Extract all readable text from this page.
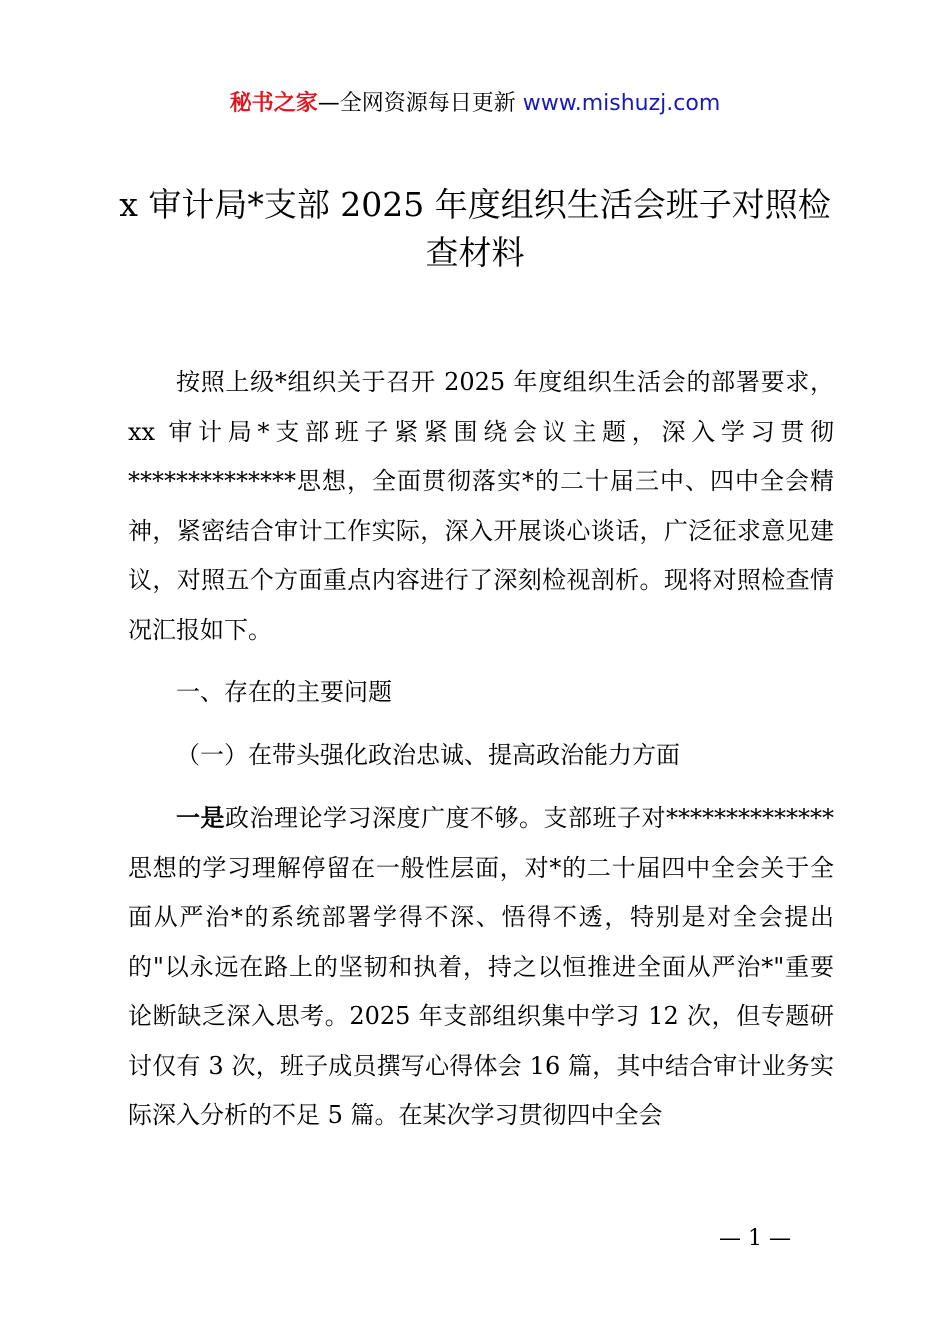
秘书之家—全网资源每日更新 www.mishuzj.com
x 审计局*支部 2025 年度组织生活会班子对照检查材料

按照上级*组织关于召开 2025 年度组织生活会的部署要求，xx 审计局*支部班子紧紧围绕会议主题，深入学习贯彻**************思想，全面贯彻落实*的二十届三中、四中全会精神，紧密结合审计工作实际，深入开展谈心谈话，广泛征求意见建议，对照五个方面重点内容进行了深刻检视剖析。现将对照检查情况汇报如下。

一、存在的主要问题

（一）在带头强化政治忠诚、提高政治能力方面

一是政治理论学习深度广度不够。支部班子对**************思想的学习理解停留在一般性层面，对*的二十届四中全会关于全面从严治*的系统部署学得不深、悟得不透，特别是对全会提出的"以永远在路上的坚韧和执着，持之以恒推进全面从严治*"重要论断缺乏深入思考。2025 年支部组织集中学习 12 次，但专题研讨仅有 3 次，班子成员撰写心得体会 16 篇，其中结合审计业务实际深入分析的不足 5 篇。在某次学习贯彻四中全会

— 1 —
